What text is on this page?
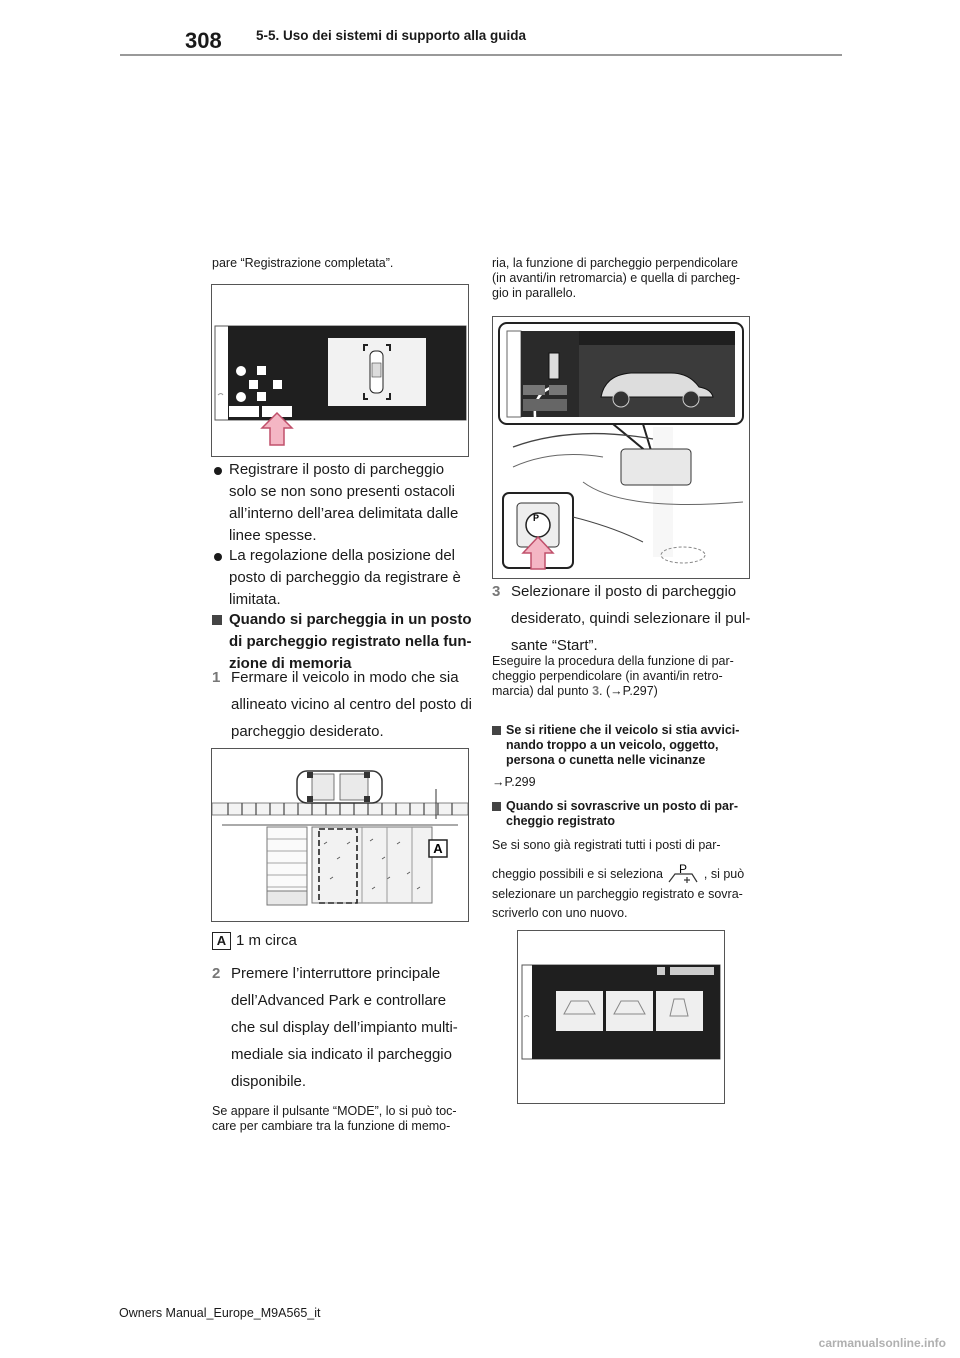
308	5-5. Uso dei sistemi di supporto alla guida
pare “Registrazione completata”.
Registrare il posto di parcheggio
solo se non sono presenti ostacoli
all’interno dell’area delimitata dalle
linee spesse.
La regolazione della posizione del
posto di parcheggio da registrare è
limitata.
Quando si parcheggia in un posto
di parcheggio registrato nella fun-
zione di memoria
1 Fermare il veicolo in modo che sia
allineato vicino al centro del posto di
parcheggio desiderato.
A
A 1 m circa
2 Premere l’interruttore principale
dell’Advanced Park e controllare
che sul display dell’impianto multi-
mediale sia indicato il parcheggio
disponibile.
Se appare il pulsante “MODE”, lo si può toc-
care per cambiare tra la funzione di memo-
ria, la funzione di parcheggio perpendicolare
(in avanti/in retromarcia) e quella di parcheg-
gio in parallelo.
P
3 Selezionare il posto di parcheggio
desiderato, quindi selezionare il pul-
sante “Start”.
Eseguire la procedura della funzione di par-
cheggio perpendicolare (in avanti/in retro-
marcia) dal punto 3. (→P.297)
Se si ritiene che il veicolo si stia avvici-
nando troppo a un veicolo, oggetto,
persona o cunetta nelle vicinanze
→P.299
Quando si sovrascrive un posto di par-
cheggio registrato
Se si sono già registrati tutti i posti di par-
cheggio possibili e si seleziona P , si può
selezionare un parcheggio registrato e sovra-
scriverlo con uno nuovo.
Owners Manual_Europe_M9A565_it
carmanualsonline.info
